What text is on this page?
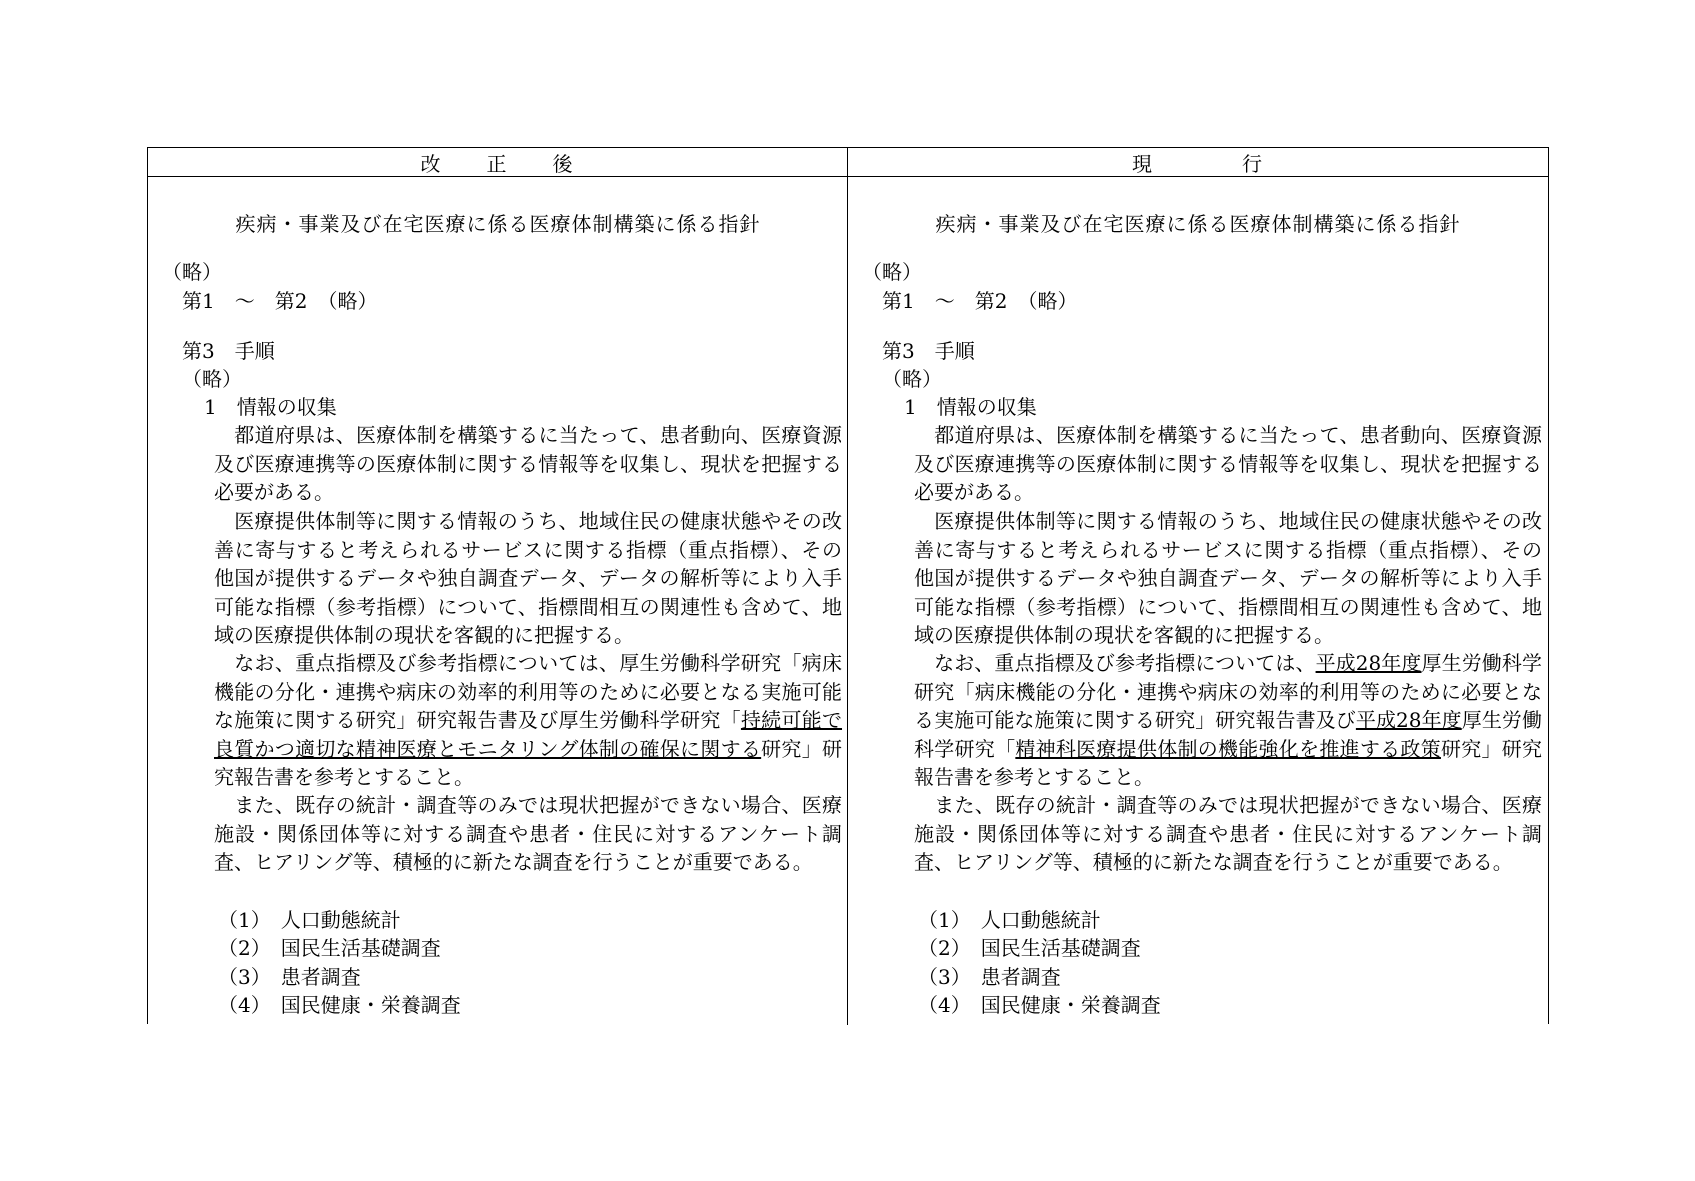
改　　正　　後	現　　　　行
疾病・事業及び在宅医療に係る医療体制構築に係る指針
（略）
第1　～　第2　（略）
第3　手順
（略）
1　情報の収集
　都道府県は、医療体制を構築するに当たって、患者動向、医療資源及び医療連携等の医療体制に関する情報等を収集し、現状を把握する必要がある。
　医療提供体制等に関する情報のうち、地域住民の健康状態やその改善に寄与すると考えられるサービスに関する指標（重点指標）、その他国が提供するデータや独自調査データ、データの解析等により入手可能な指標（参考指標）について、指標間相互の関連性も含めて、地域の医療提供体制の現状を客観的に把握する。
　なお、重点指標及び参考指標については、厚生労働科学研究「病床機能の分化・連携や病床の効率的利用等のために必要となる実施可能な施策に関する研究」研究報告書及び厚生労働科学研究「持続可能で良質かつ適切な精神医療とモニタリング体制の確保に関する研究」研究報告書を参考とすること。
　また、既存の統計・調査等のみでは現状把握ができない場合、医療施設・関係団体等に対する調査や患者・住民に対するアンケート調査、ヒアリング等、積極的に新たな調査を行うことが重要である。
（1）　人口動態統計
（2）　国民生活基礎調査
（3）　患者調査
（4）　国民健康・栄養調査
疾病・事業及び在宅医療に係る医療体制構築に係る指針
（略）
第1　～　第2　（略）
第3　手順
（略）
1　情報の収集
　都道府県は、医療体制を構築するに当たって、患者動向、医療資源及び医療連携等の医療体制に関する情報等を収集し、現状を把握する必要がある。
　医療提供体制等に関する情報のうち、地域住民の健康状態やその改善に寄与すると考えられるサービスに関する指標（重点指標）、その他国が提供するデータや独自調査データ、データの解析等により入手可能な指標（参考指標）について、指標間相互の関連性も含めて、地域の医療提供体制の現状を客観的に把握する。
　なお、重点指標及び参考指標については、平成28年度厚生労働科学研究「病床機能の分化・連携や病床の効率的利用等のために必要となる実施可能な施策に関する研究」研究報告書及び平成28年度厚生労働科学研究「精神科医療提供体制の機能強化を推進する政策研究」研究報告書を参考とすること。
　また、既存の統計・調査等のみでは現状把握ができない場合、医療施設・関係団体等に対する調査や患者・住民に対するアンケート調査、ヒアリング等、積極的に新たな調査を行うことが重要である。
（1）　人口動態統計
（2）　国民生活基礎調査
（3）　患者調査
（4）　国民健康・栄養調査
